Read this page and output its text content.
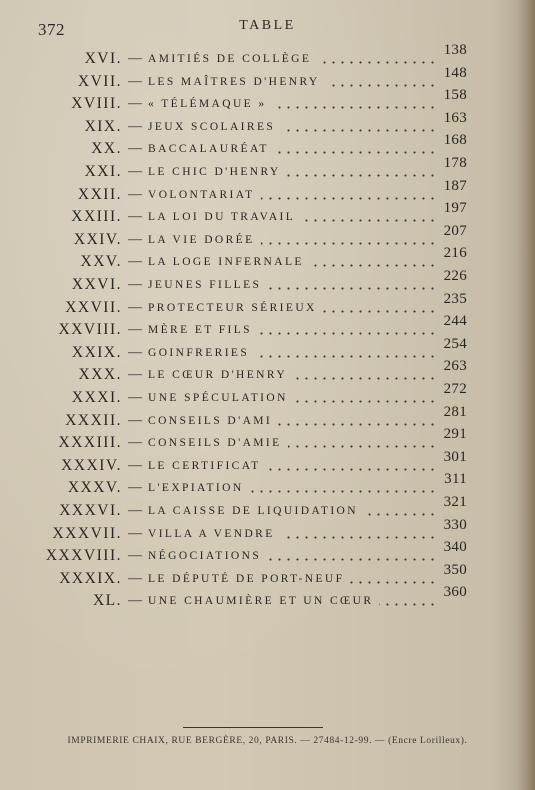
372	TABLE
XVI. — AMITIÉS DE COLLÈGE
138
XVII. — LES MAÎTRES D'HENRY
148
XVIII. — « TÉLÉMAQUE »
158
XIX. — JEUX SCOLAIRES
163
XX. — BACCALAURÉAT
168
XXI. — LE CHIC D'HENRY
178
XXII. — VOLONTARIAT
187
XXIII. — LA LOI DU TRAVAIL
197
XXIV. — LA VIE DORÉE
207
XXV. — LA LOGE INFERNALE
216
XXVI. — JEUNES FILLES
226
XXVII. — PROTECTEUR SÉRIEUX
235
XXVIII. — MÈRE ET FILS
244
XXIX. — GOINFRERIES
254
XXX. — LE CŒUR D'HENRY
263
XXXI. — UNE SPÉCULATION
272
XXXII. — CONSEILS D'AMI
281
XXXIII. — CONSEILS D'AMIE
291
XXXIV. — LE CERTIFICAT
301
XXXV. — L'EXPIATION
311
XXXVI. — LA CAISSE DE LIQUIDATION
321
XXXVII. — VILLA A VENDRE
330
XXXVIII. — NÉGOCIATIONS
340
XXXIX. — LE DÉPUTÉ DE PORT-NEUF
350
XL. — UNE CHAUMIÈRE ET UN CŒUR
360
IMPRIMERIE CHAIX, RUE BERGÈRE, 20, PARIS. — 27484-12-99. — (Encre Lorilleux).
